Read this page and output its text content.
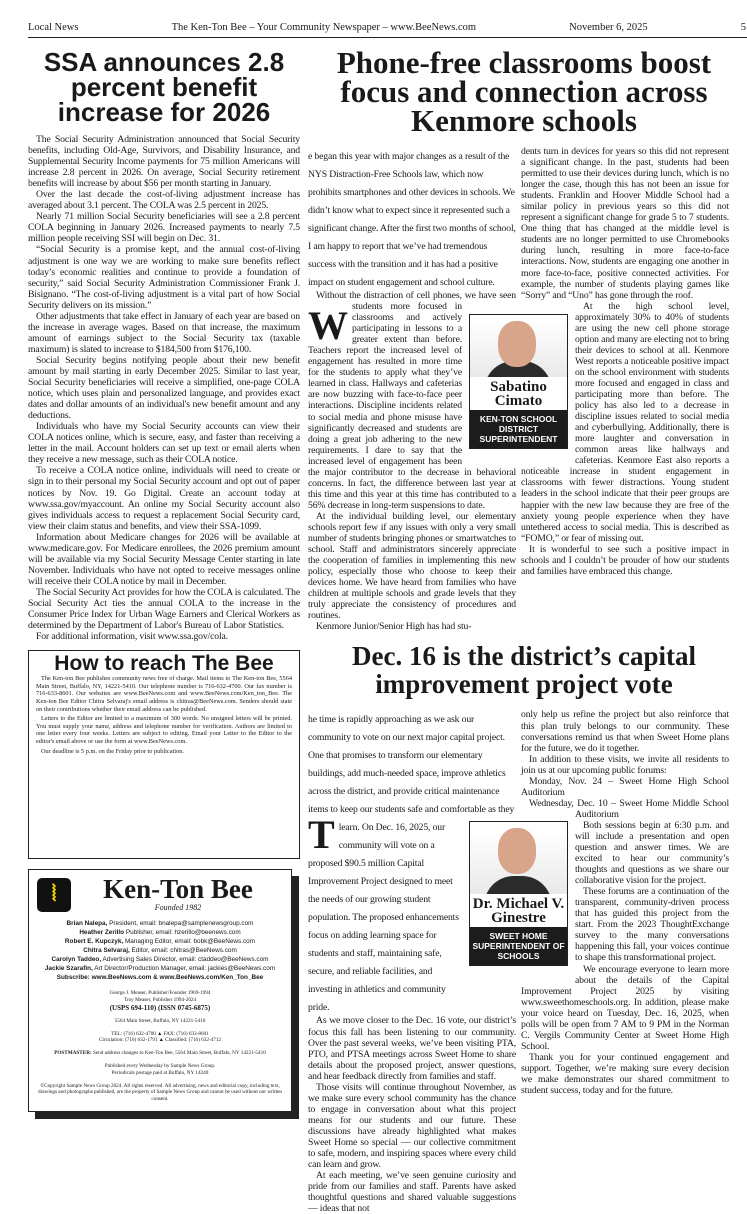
Local News	The Ken-Ton Bee – Your Community Newspaper – www.BeeNews.com	November 6, 2025	5
SSA announces 2.8 percent benefit increase for 2026

The Social Security Administration announced that Social Security benefits, including Old-Age, Survivors, and Disability Insurance, and Supplemental Security Income payments for 75 million Americans will increase 2.8 percent in 2026. On average, Social Security retirement benefits will increase by about $56 per month starting in January.

Over the last decade the cost-of-living adjustment increase has averaged about 3.1 percent. The COLA was 2.5 percent in 2025.

Nearly 71 million Social Security beneficiaries will see a 2.8 percent COLA beginning in January 2026. Increased payments to nearly 7.5 million people receiving SSI will begin on Dec. 31.

“Social Security is a promise kept, and the annual cost-of-living adjustment is one way we are working to make sure benefits reflect today’s economic realities and continue to provide a foundation of security,” said Social Security Administration Commissioner Frank J. Bisignano. “The cost-of-living adjustment is a vital part of how Social Security delivers on its mission.”

Other adjustments that take effect in January of each year are based on the increase in average wages. Based on that increase, the maximum amount of earnings subject to the Social Security tax (taxable maximum) is slated to increase to $184,500 from $176,100.

Social Security begins notifying people about their new benefit amount by mail starting in early December 2025. Similar to last year, Social Security beneficiaries will receive a simplified, one-page COLA notice, which uses plain and personalized language, and provides exact dates and dollar amounts of an individual's new benefit amount and any deductions.

Individuals who have my Social Security accounts can view their COLA notices online, which is secure, easy, and faster than receiving a letter in the mail. Account holders can set up text or email alerts when they receive a new message, such as their COLA notice.

To receive a COLA notice online, individuals will need to create or sign in to their personal my Social Security account and opt out of paper notices by Nov. 19. Go Digital. Create an account today at www.ssa.gov/myaccount. An online my Social Security account also gives individuals access to request a replacement Social Security card, view their claim status and benefits, and view their SSA-1099.

Information about Medicare changes for 2026 will be available at www.medicare.gov. For Medicare enrollees, the 2026 premium amount will be available via my Social Security Message Center starting in late November. Individuals who have not opted to receive messages online will receive their COLA notice by mail in December.

The Social Security Act provides for how the COLA is calculated. The Social Security Act ties the annual COLA to the increase in the Consumer Price Index for Urban Wage Earners and Clerical Workers as determined by the Department of Labor's Bureau of Labor Statistics.

For additional information, visit www.ssa.gov/cola.

How to reach The Bee

The Ken-ton Bee publishes community news free of charge. Mail items to The Ken-ton Bee, 5564 Main Street, Buffalo, NY, 14221-5410. Our telephone number is 716-632-4700. Our fax number is 716-633-8601. Our websites are www.BeeNews.com and www.BeeNews.com/Ken_ton_Bee. The Ken-ton Bee Editor Chitra Selvaraj's email address is chitras@BeeNews.com. Senders should state on their contributions whether their email address can be published.

Letters to the Editor are limited to a maximum of 300 words. No unsigned letters will be printed. You must supply your name, address and telephone number for verification. Authors are limited to one letter every four weeks. Letters are subject to editing. Email your Letter to the Editor to the editor's email above or use the form at www.BeeNews.com.

Our deadline is 5 p.m. on the Friday prior to publication.

⦚	Ken-Ton Bee
Founded 1982
Brian Nalepa, President, email: bnalepa@samplenewsgroup.com
Heather Zerillo Publisher, email: hzerillo@beenews.com
Robert E. Kupczyk, Managing Editor, email: bobk@BeeNews.com
Chitra Selvaraj, Editor, email: chitras@BeeNews.com
Carolyn Taddeo, Advertising Sales Director, email: ctaddeo@BeeNews.com
Jackie Szarafin, Art Director/Production Manager, email: jackies@BeeNews.com
Subscribe: www.BeeNews.com & www.BeeNews.com/Ken_Ton_Bee
George J. Measer, Publisher/Founder 1969-1994
Troy Measer, Publisher 1994-2024
(USPS 694-110) (ISSN 0745-6875)
5564 Main Street, Buffalo, NY 14221-5410
TEL: (716) 632-4700 ▲ FAX: (716) 633-8601
Circulation: (716) 632-1791 ▲ Classified: (716) 632-4712
POSTMASTER: Send address changes to Ken-Ton Bee, 5564 Main Street, Buffalo, NY 14221-5410
Published every Wednesday by Sample News Group.
Periodicals postage paid at Buffalo, NY 14240
©Copyright Sample News Group 2024. All rights reserved. All advertising, news and editorial copy, including text, drawings and photographs published, are the property of Sample News Group and cannot be used without our written consent.
Phone-free classrooms boost focus and connection across Kenmore schools
W

e began this year with major changes as a result of the NYS Distraction-Free Schools law, which now prohibits smartphones and other devices in schools. We didn’t know what to expect since it represented such a significant change. After the first two months of school, I am happy to report that we’ve had tremendous success with the transition and it has had a positive impact on student engagement and school culture.

Without the distraction of cell phones, we have seen students more focused in classrooms and actively participating in lessons to a greater extent than before. Teachers report the increased level of engagement has resulted in more time for the students to apply what they’ve learned in class. Hallways and cafeterias are now buzzing with face-to-face peer interactions. Discipline incidents related to social media and phone misuse have significantly decreased and students are doing a great job adhering to the new requirements. I dare to say that the increased level of engagement has been the major contributor to the decrease in behavioral concerns. In fact, the difference between last year at this time and this year at this time has contributed to a 56% decrease in long-term suspensions to date.

At the individual building level, our elementary schools report few if any issues with only a very small number of students bringing phones or smartwatches to school. Staff and administrators sincerely appreciate the cooperation of families in implementing this new policy, especially those who choose to keep their devices home. We have heard from families who have children at multiple schools and grade levels that they truly appreciate the consistency of procedures and routines.

Kenmore Junior/Senior High has had stu-

dents turn in devices for years so this did not represent a significant change. In the past, students had been permitted to use their devices during lunch, which is no longer the case, though this has not been an issue for students. Franklin and Hoover Middle School had a similar policy in previous years so this did not represent a significant change for grade 5 to 7 students. One thing that has changed at the middle level is students are no longer permitted to use Chromebooks during lunch, resulting in more face-to-face interactions. Now, students are engaging one another in more face-to-face, positive connected activities. For example, the number of students playing games like “Sorry” and “Uno” has gone through the roof.

At the high school level, approximately 30% to 40% of students are using the new cell phone storage option and many are electing not to bring their devices to school at all. Kenmore West reports a noticeable positive impact on the school environment with students more focused and engaged in class and participating more than before. The policy has also led to a decrease in discipline issues related to social media and cyberbullying. Additionally, there is more laughter and conversation in common areas like hallways and cafeterias. Kenmore East also reports a noticeable increase in student engagement in classrooms with fewer distractions. Young student leaders in the school indicate that their peer groups are happier with the new law because they are free of the anxiety young people experience when they have untethered access to social media. This is described as “FOMO,” or fear of missing out.

It is wonderful to see such a positive impact in schools and I couldn’t be prouder of how our students and families have embraced this change.

Sabatino Cimato
KEN-TON SCHOOL DISTRICT SUPERINTENDENT
Dec. 16 is the district’s capital improvement project vote
T

he time is rapidly approaching as we ask our community to vote on our next major capital project. One that promises to transform our elementary buildings, add much-needed space, improve athletics across the district, and provide critical maintenance items to keep our students safe and comfortable as they learn. On Dec. 16, 2025, our community will vote on a proposed $90.5 million Capital Improvement Project designed to meet the needs of our growing student population. The proposed enhancements focus on adding learning space for students and staff, maintaining safe, secure, and reliable facilities, and investing in athletics and community pride.

As we move closer to the Dec. 16 vote, our district’s focus this fall has been listening to our community. Over the past several weeks, we’ve been visiting PTA, PTO, and PTSA meetings across Sweet Home to share details about the proposed project, answer questions, and hear feedback directly from families and staff.

Those visits will continue throughout November, as we make sure every school community has the chance to engage in conversation about what this project means for our students and our future. These discussions have already highlighted what makes Sweet Home so special — our collective commitment to safe, modern, and inspiring spaces where every child can learn and grow.

At each meeting, we’ve seen genuine curiosity and pride from our families and staff. Parents have asked thoughtful questions and shared valuable suggestions — ideas that not

only help us refine the project but also reinforce that this plan truly belongs to our community. These conversations remind us that when Sweet Home plans for the future, we do it together.

In addition to these visits, we invite all residents to join us at our upcoming public forums:

Monday, Nov. 24 – Sweet Home High School Auditorium

Wednesday, Dec. 10 – Sweet Home Middle School Auditorium

Both sessions begin at 6:30 p.m. and will include a presentation and open question and answer times. We are excited to hear our community’s thoughts and questions as we share our collaborative vision for the project.

These forums are a continuation of the transparent, community-driven process that has guided this project from the start. From the 2023 ThoughtExchange survey to the many conversations happening this fall, your voices continue to shape this transformational project.

We encourage everyone to learn more about the details of the Capital Improvement Project 2025 by visiting www.sweethomeschools.org. In addition, please make your voice heard on Tuesday, Dec. 16, 2025, when polls will be open from 7 AM to 9 PM in the Norman C. Vergils Community Center at Sweet Home High School.

Thank you for your continued engagement and support. Together, we’re making sure every decision we make demonstrates our shared commitment to student success, today and for the future.

Dr. Michael V. Ginestre
SWEET HOME SUPERINTENDENT OF SCHOOLS
